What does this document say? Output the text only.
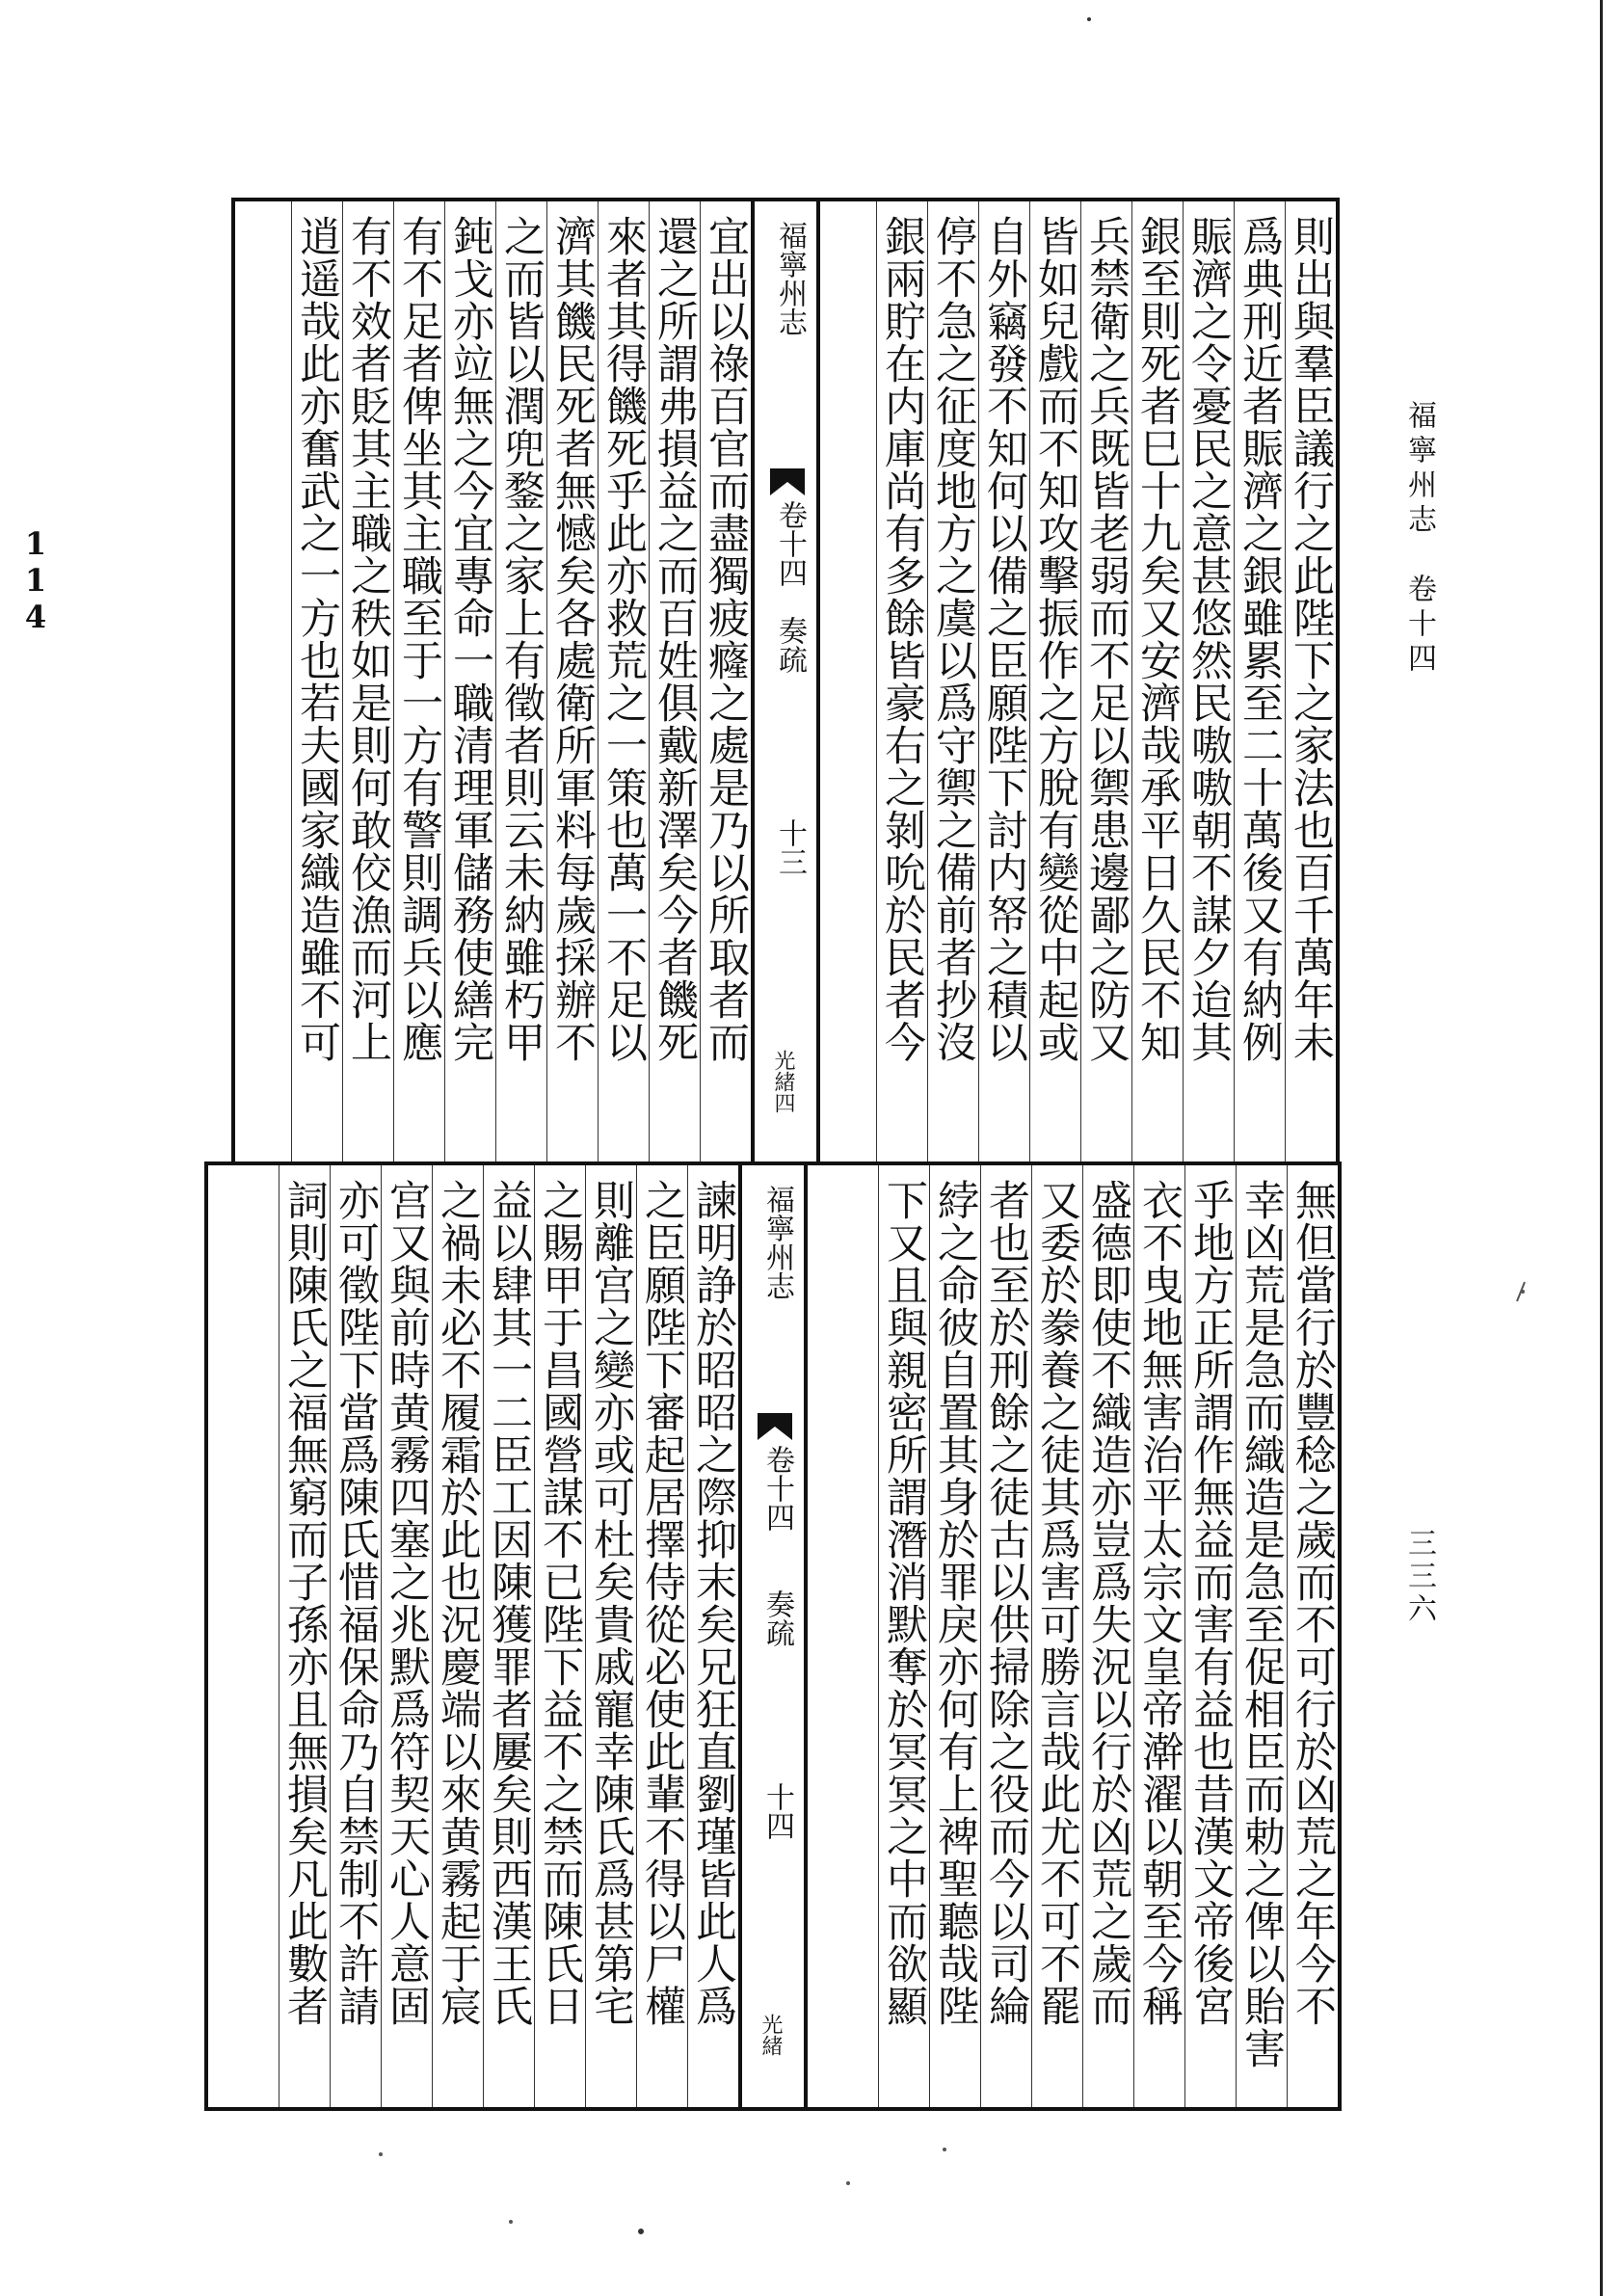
福寧州志　卷十四
三三六
114	則出與羣臣議行之此陛下之家法也百千萬年未
爲典刑近者賑濟之銀雖累至二十萬後又有納例
賑濟之令憂民之意甚悠然民嗷嗷朝不謀夕迨其
銀至則死者巳十九矣又安濟哉承平日久民不知
兵禁衛之兵既皆老弱而不足以禦患邊鄙之防又
皆如兒戲而不知攻擊振作之方脫有變從中起或
自外竊發不知何以備之臣願陛下討内帑之積以
停不急之征度地方之虞以爲守禦之備前者抄沒
銀兩貯在内庫尚有多餘皆豪右之剝吮於民者今
福寧州志
卷十四
奏疏
十三
光緒四
宜出以祿百官而盡獨疲癃之處是乃以所取者而
還之所謂弗損益之而百姓俱戴新澤矣今者饑死
來者其得饑死乎此亦救荒之一策也萬一不足以
濟其饑民死者無憾矣各處衛所軍料每歲採辦不
之而皆以潤兜鍪之家上有徵者則云未納雖朽甲
鈍戈亦竝無之今宜專命一職清理軍儲務使繕完
有不足者俾坐其主職至于一方有警則調兵以應
有不效者貶其主職之秩如是則何敢佼漁而河上
逍遥哉此亦奮武之一方也若夫國家織造雖不可
無但當行於豐稔之歲而不可行於凶荒之年今不
幸凶荒是急而織造是急至促相臣而勅之俾以貽害
乎地方正所謂作無益而害有益也昔漢文帝後宮
衣不曳地無害治平太宗文皇帝澣濯以朝至今稱
盛德即使不織造亦豈爲失況以行於凶荒之歲而
又委於豢養之徒其爲害可勝言哉此尤不可不罷
者也至於刑餘之徒古以供掃除之役而今以司綸
綍之命彼自置其身於罪戾亦何有上裨聖聽哉陛
下又且與親密所謂潛消默奪於冥冥之中而欲顯
福寧州志
卷十四
奏疏
十四
光緒
諫明諍於昭昭之際抑末矣兄狂直劉瑾皆此人爲
之臣願陛下審起居擇侍從必使此輩不得以尸權
則離宫之變亦或可杜矣貴戚寵幸陳氏爲甚第宅
之賜甲于昌國營謀不已陛下益不之禁而陳氏日
益以肆其一二臣工因陳獲罪者屢矣則西漢王氏
之禍未必不履霜於此也況慶端以來黄霧起于宸
宫又與前時黄霧四塞之兆默爲符契天心人意固
亦可徵陛下當爲陳氏惜福保命乃自禁制不許請
詞則陳氏之福無窮而子孫亦且無損矣凡此數者
